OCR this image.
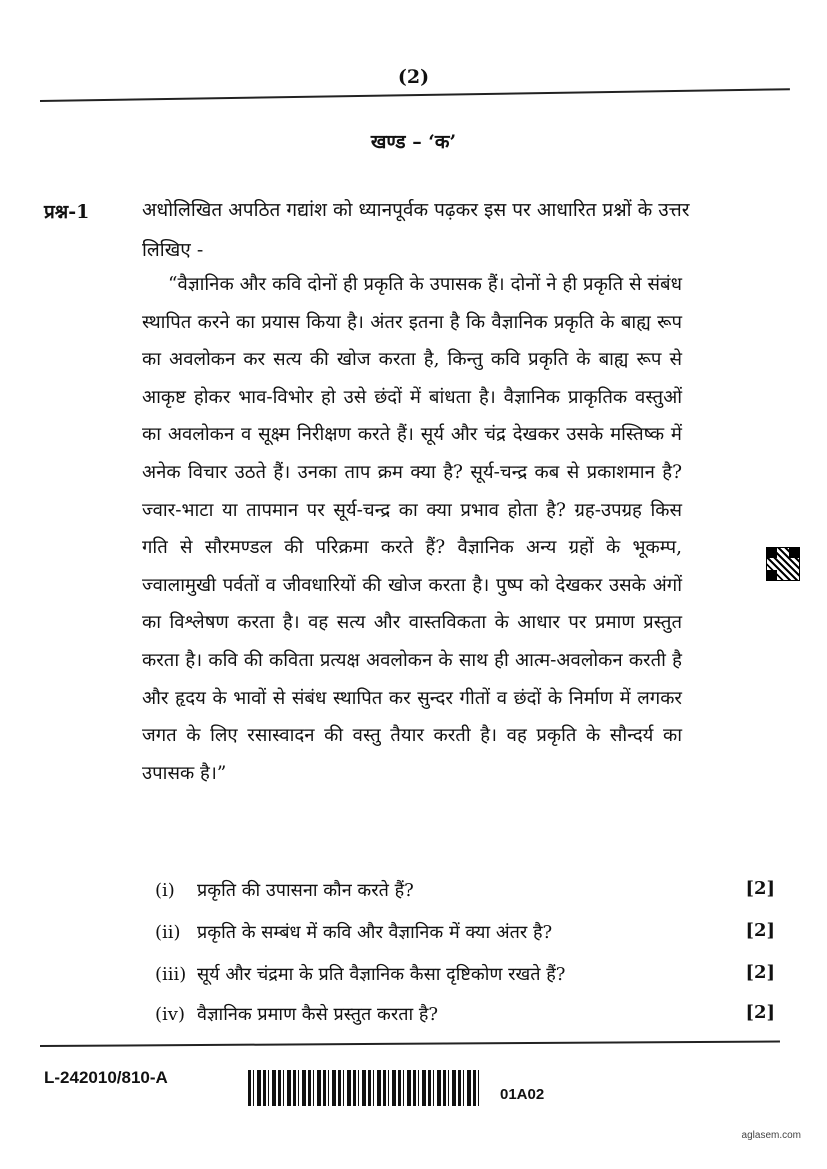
(2)
खण्ड – ‘क’
प्रश्न-1	अधोलिखित अपठित गद्यांश को ध्यानपूर्वक पढ़कर इस पर आधारित प्रश्नों के उत्तर लिखिए -
“वैज्ञानिक और कवि दोनों ही प्रकृति के उपासक हैं। दोनों ने ही प्रकृति से संबंध स्थापित करने का प्रयास किया है। अंतर इतना है कि वैज्ञानिक प्रकृति के बाह्य रूप का अवलोकन कर सत्य की खोज करता है, किन्तु कवि प्रकृति के बाह्य रूप से आकृष्ट होकर भाव-विभोर हो उसे छंदों में बांधता है। वैज्ञानिक प्राकृतिक वस्तुओं का अवलोकन व सूक्ष्म निरीक्षण करते हैं। सूर्य और चंद्र देखकर उसके मस्तिष्क में अनेक विचार उठते हैं। उनका ताप क्रम क्या है? सूर्य-चन्द्र कब से प्रकाशमान है? ज्वार-भाटा या तापमान पर सूर्य-चन्द्र का क्या प्रभाव होता है? ग्रह-उपग्रह किस गति से सौरमण्डल की परिक्रमा करते हैं? वैज्ञानिक अन्य ग्रहों के भूकम्प, ज्वालामुखी पर्वतों व जीवधारियों की खोज करता है। पुष्प को देखकर उसके अंगों का विश्लेषण करता है। वह सत्य और वास्तविकता के आधार पर प्रमाण प्रस्तुत करता है। कवि की कविता प्रत्यक्ष अवलोकन के साथ ही आत्म-अवलोकन करती है और हृदय के भावों से संबंध स्थापित कर सुन्दर गीतों व छंदों के निर्माण में लगकर जगत के लिए रसास्वादन की वस्तु तैयार करती है। वह प्रकृति के सौन्दर्य का उपासक है।”
(i) प्रकृति की उपासना कौन करते हैं?	[2]
(ii) प्रकृति के सम्बंध में कवि और वैज्ञानिक में क्या अंतर है?	[2]
(iii) सूर्य और चंद्रमा के प्रति वैज्ञानिक कैसा दृष्टिकोण रखते हैं?	[2]
(iv) वैज्ञानिक प्रमाण कैसे प्रस्तुत करता है?	[2]
L-242010/810-A
01A02
aglasem.com
